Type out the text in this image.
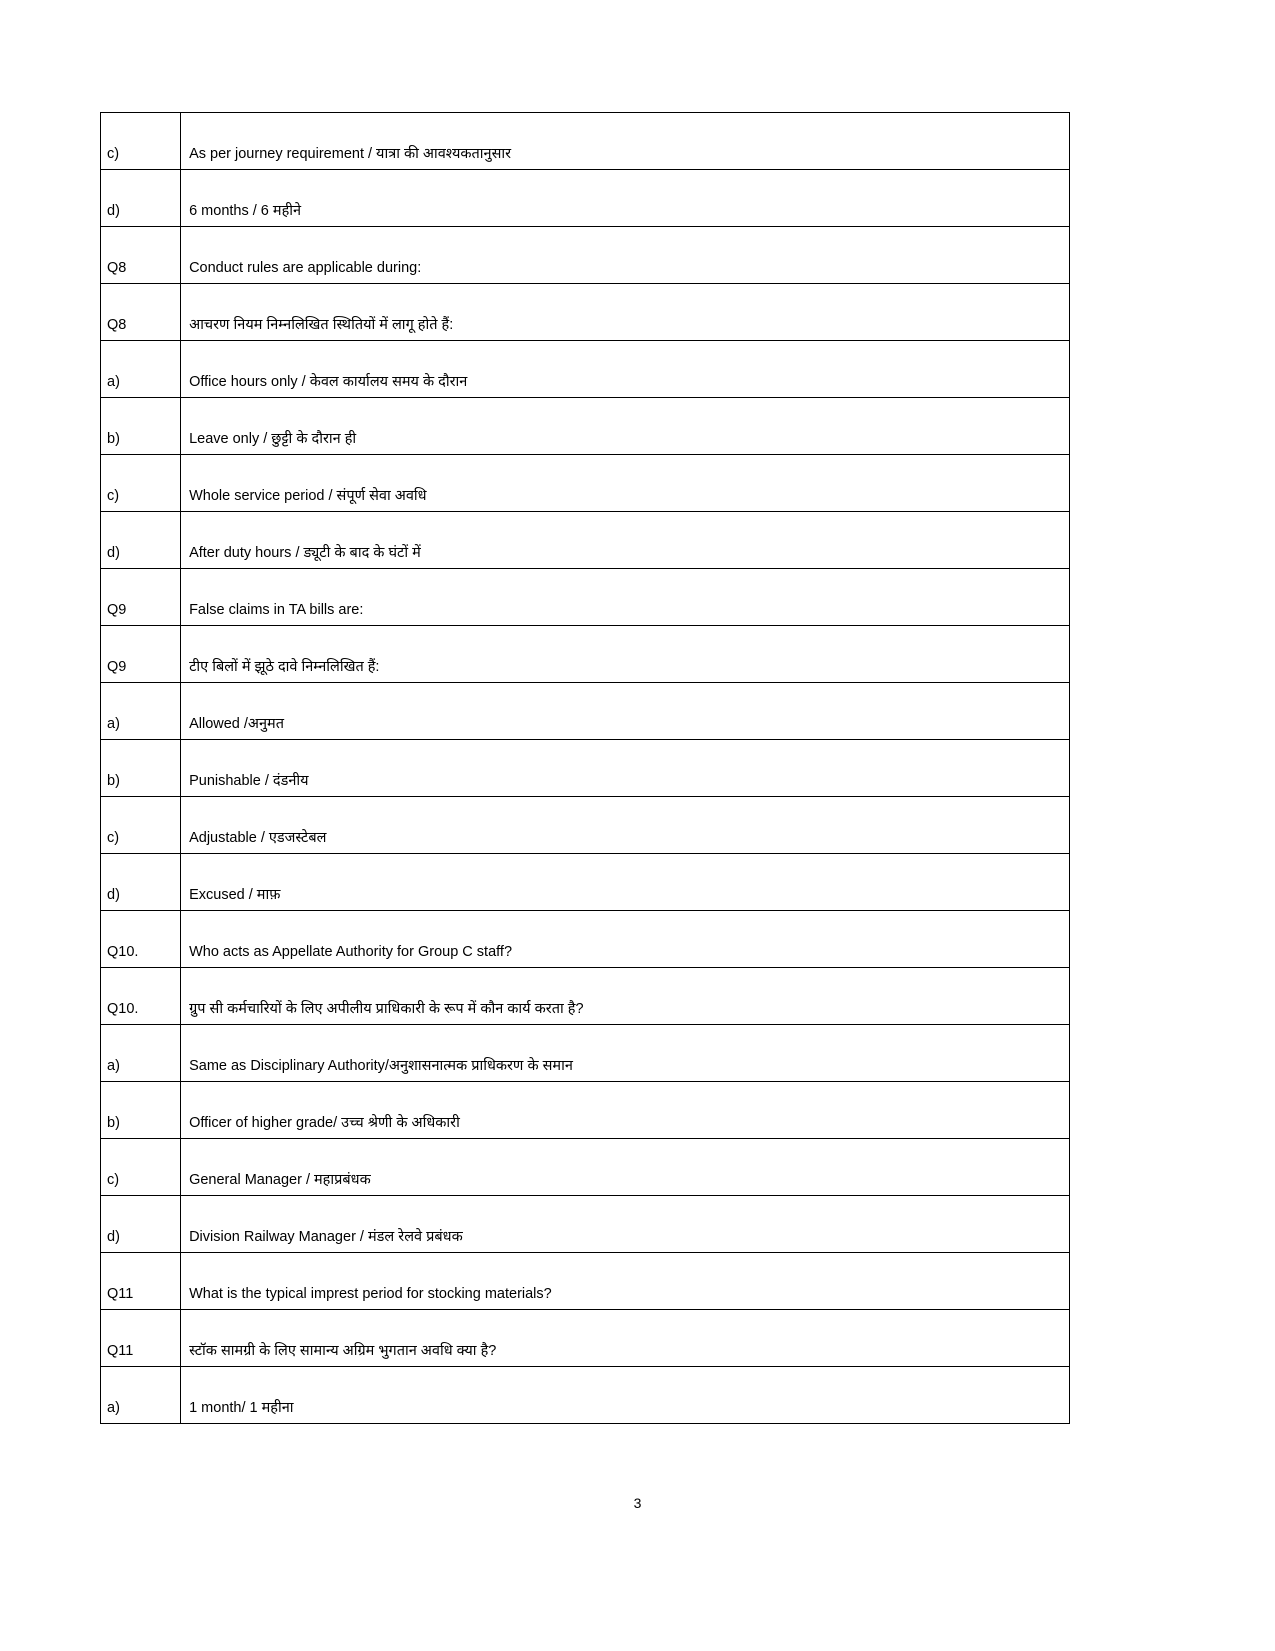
c)	As per journey requirement / यात्रा की आवश्यकतानुसार
d)	6 months / 6 महीने
Q8	Conduct rules are applicable during:
Q8	आचरण नियम निम्नलिखित स्थितियों में लागू होते हैं:
a)	Office hours only / केवल कार्यालय समय के दौरान
b)	Leave only / छुट्टी के दौरान ही
c)	Whole service period / संपूर्ण सेवा अवधि
d)	After duty hours / ड्यूटी के बाद के घंटों में
Q9	False claims in TA bills are:
Q9	टीए बिलों में झूठे दावे निम्नलिखित हैं:
a)	Allowed /अनुमत
b)	Punishable / दंडनीय
c)	Adjustable / एडजस्टेबल
d)	Excused / माफ़
Q10.	Who acts as Appellate Authority for Group C staff?
Q10.	ग्रुप सी कर्मचारियों के लिए अपीलीय प्राधिकारी के रूप में कौन कार्य करता है?
a)	Same as Disciplinary Authority/अनुशासनात्मक प्राधिकरण के समान
b)	Officer of higher grade/ उच्च श्रेणी के अधिकारी
c)	General Manager / महाप्रबंधक
d)	Division Railway Manager / मंडल रेलवे प्रबंधक
Q11	What is the typical imprest period for stocking materials?
Q11	स्टॉक सामग्री के लिए सामान्य अग्रिम भुगतान अवधि क्या है?
a)	1 month/ 1 महीना
3
